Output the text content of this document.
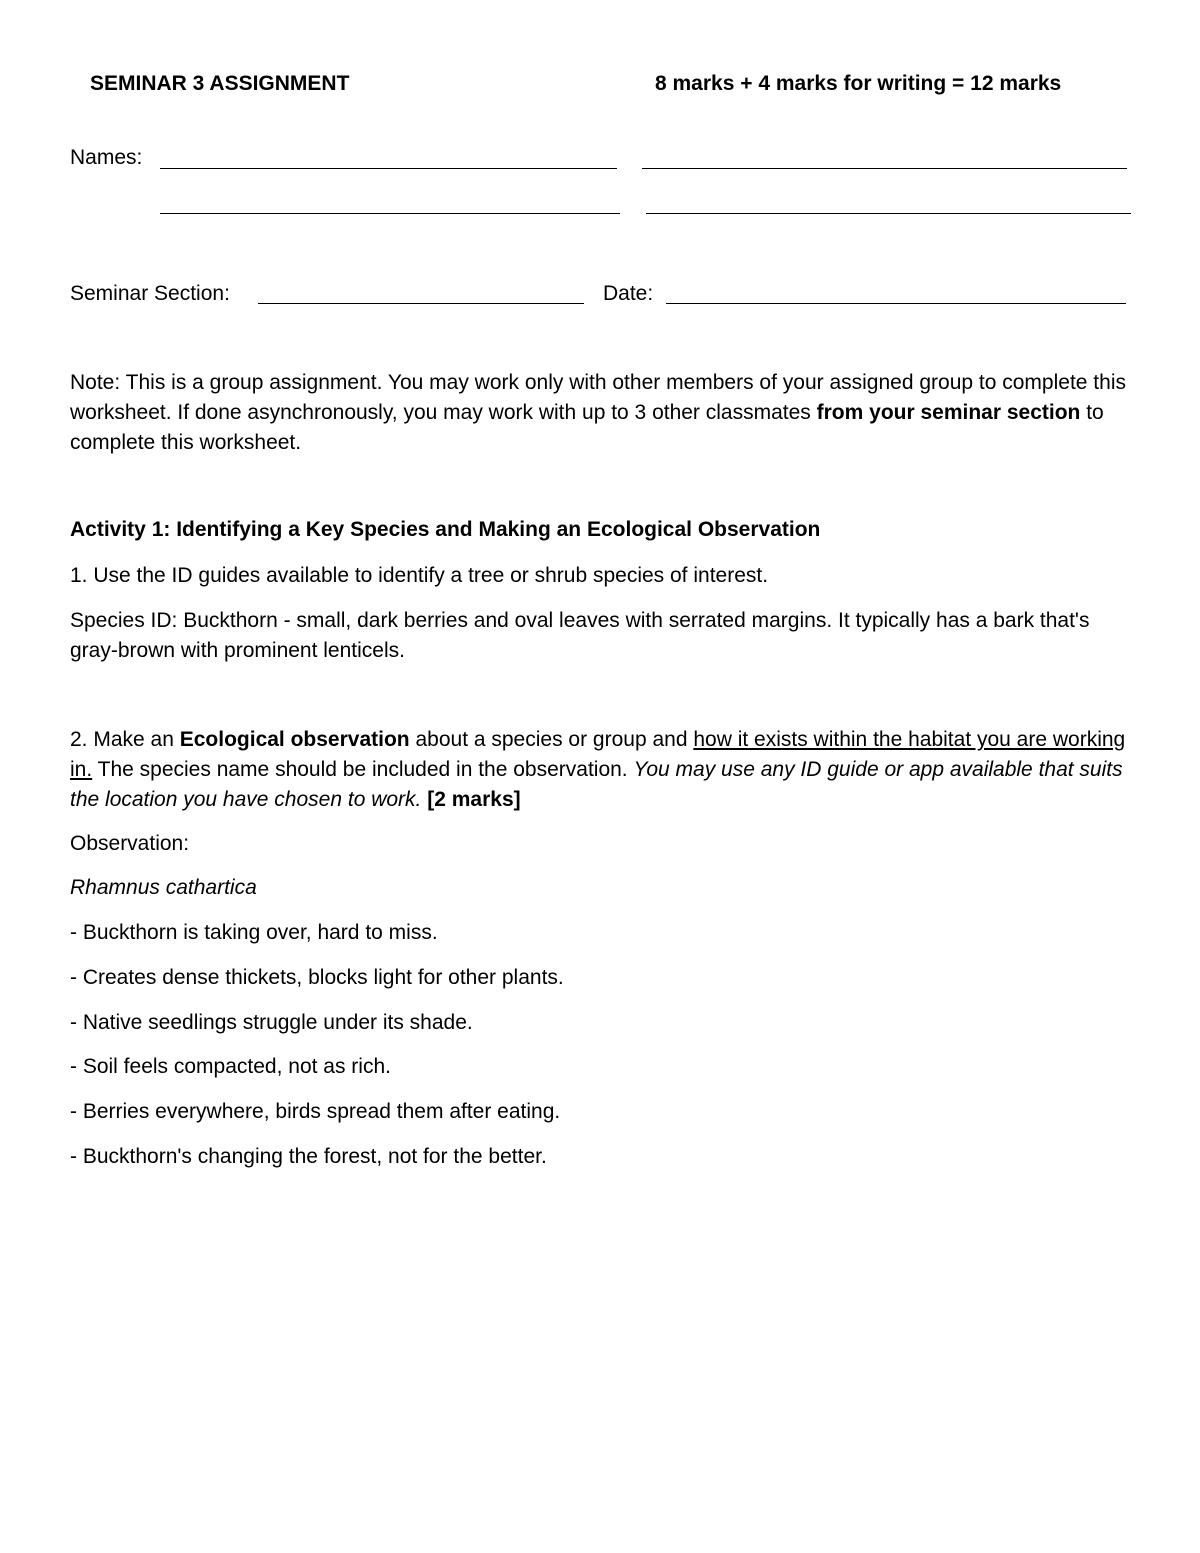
SEMINAR 3 ASSIGNMENT	8 marks + 4 marks for writing = 12 marks
Names:
Seminar Section:	Date:
Note: This is a group assignment. You may work only with other members of your assigned group to complete this worksheet. If done asynchronously, you may work with up to 3 other classmates from your seminar section to complete this worksheet.
Activity 1: Identifying a Key Species and Making an Ecological Observation
1. Use the ID guides available to identify a tree or shrub species of interest.
Species ID: Buckthorn - small, dark berries and oval leaves with serrated margins. It typically has a bark that's gray-brown with prominent lenticels.
2. Make an Ecological observation about a species or group and how it exists within the habitat you are working in. The species name should be included in the observation. You may use any ID guide or app available that suits the location you have chosen to work. [2 marks]
Observation:
Rhamnus cathartica
- Buckthorn is taking over, hard to miss.
- Creates dense thickets, blocks light for other plants.
- Native seedlings struggle under its shade.
- Soil feels compacted, not as rich.
- Berries everywhere, birds spread them after eating.
- Buckthorn's changing the forest, not for the better.
